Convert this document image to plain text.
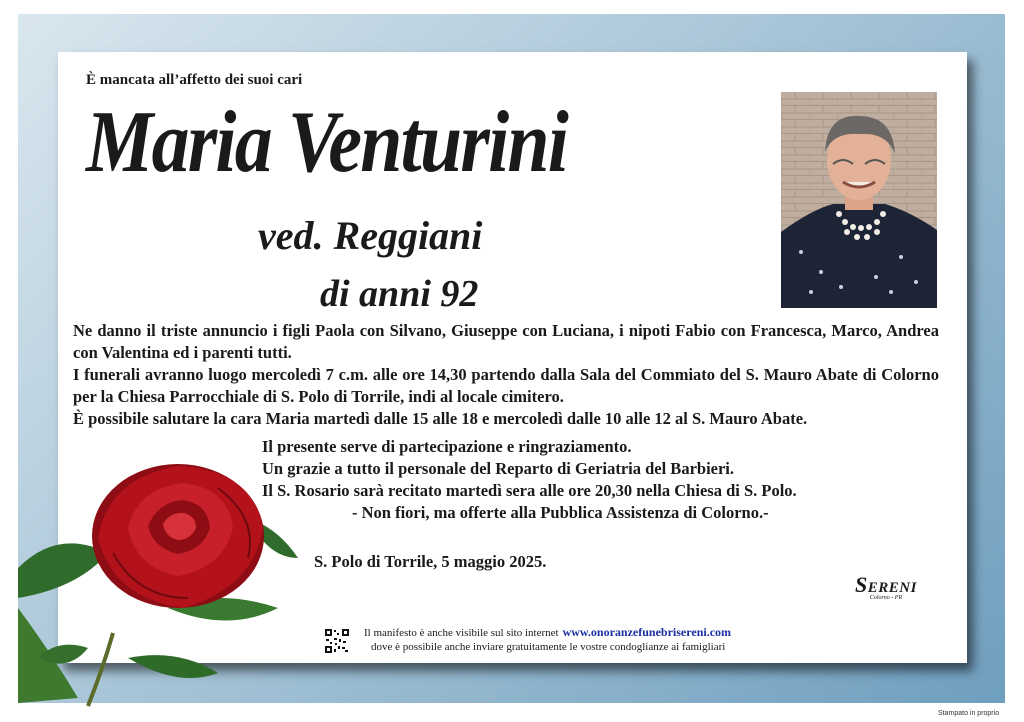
È mancata all’affetto dei suoi cari
Maria Venturini
ved. Reggiani
di anni 92

Ne danno il triste annuncio i figli Paola con Silvano, Giuseppe con Luciana, i nipoti Fabio con Francesca, Marco, Andrea con Valentina ed i parenti tutti.

I funerali avranno luogo mercoledì 7 c.m. alle ore 14,30 partendo dalla Sala del Commiato del S. Mauro Abate di Colorno per la Chiesa Parrocchiale di S. Polo di Torrile, indi al locale cimitero.

È possibile salutare la cara Maria martedì dalle 15 alle 18 e mercoledì dalle 10 alle 12 al S. Mauro Abate.

Il presente serve di partecipazione e ringraziamento.

Un grazie a tutto il personale del Reparto di Geriatria del Barbieri.

Il S. Rosario sarà recitato martedì sera alle ore 20,30 nella Chiesa di S. Polo.

- Non fiori, ma offerte alla Pubblica Assistenza di Colorno.-

S. Polo di Torrile, 5 maggio 2025.
SERENI
Colorno - PR
Il manifesto è anche visibile sul sito internet www.onoranzefunebrisereni.com
dove è possibile anche inviare gratuitamente le vostre condoglianze ai famigliari
Stampato in proprio
